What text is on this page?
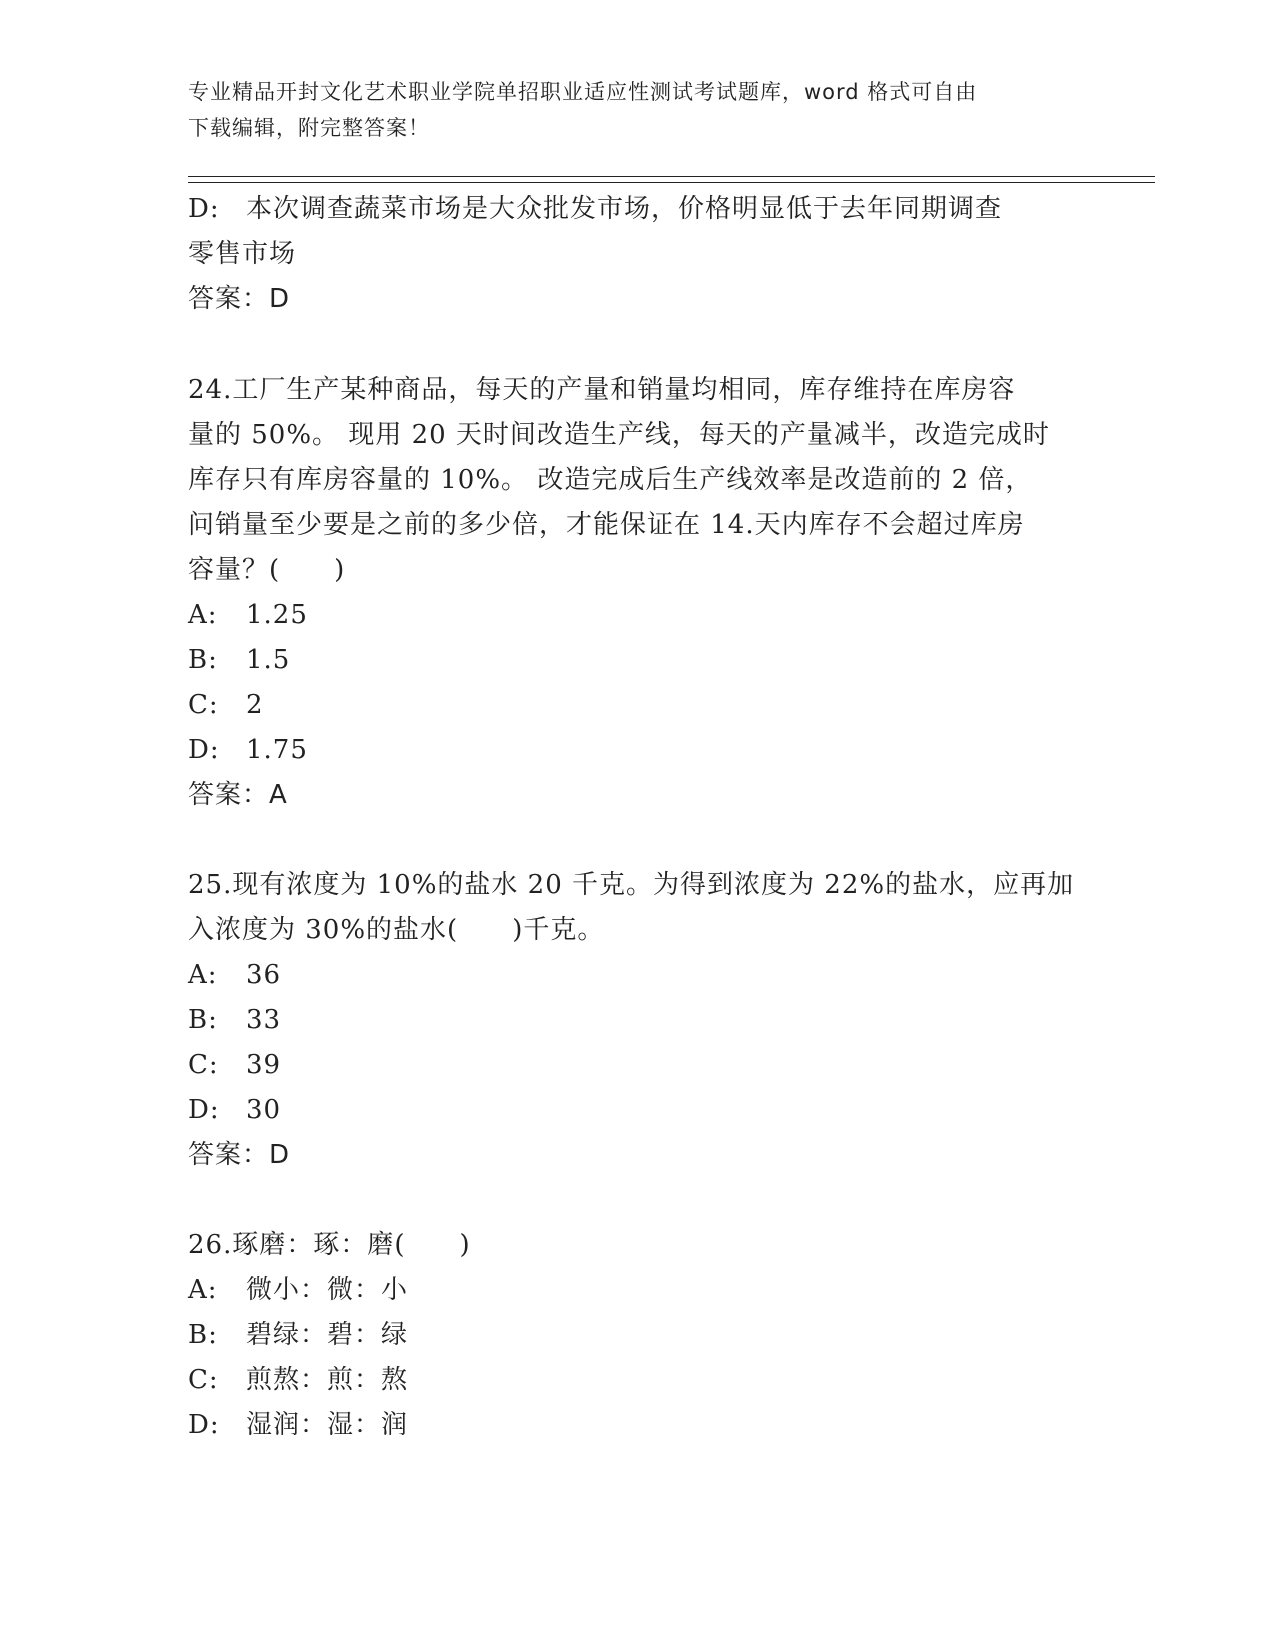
专业精品开封文化艺术职业学院单招职业适应性测试考试题库，word 格式可自由
下载编辑，附完整答案！
D: 本次调查蔬菜市场是大众批发市场，价格明显低于去年同期调查
零售市场
答案：D
24.工厂生产某种商品，每天的产量和销量均相同，库存维持在库房容
量的 50%。 现用 20 天时间改造生产线，每天的产量减半，改造完成时
库存只有库房容量的 10%。 改造完成后生产线效率是改造前的 2 倍，
问销量至少要是之前的多少倍，才能保证在 14.天内库存不会超过库房
容量？(　　)
A: 1.25
B: 1.5
C: 2
D: 1.75
答案：A
25.现有浓度为 10%的盐水 20 千克。为得到浓度为 22%的盐水，应再加
入浓度为 30%的盐水(　　)千克。
A: 36
B: 33
C: 39
D: 30
答案：D
26.琢磨：琢：磨(　　)
A: 微小：微：小
B: 碧绿：碧：绿
C: 煎熬：煎：熬
D: 湿润：湿：润
